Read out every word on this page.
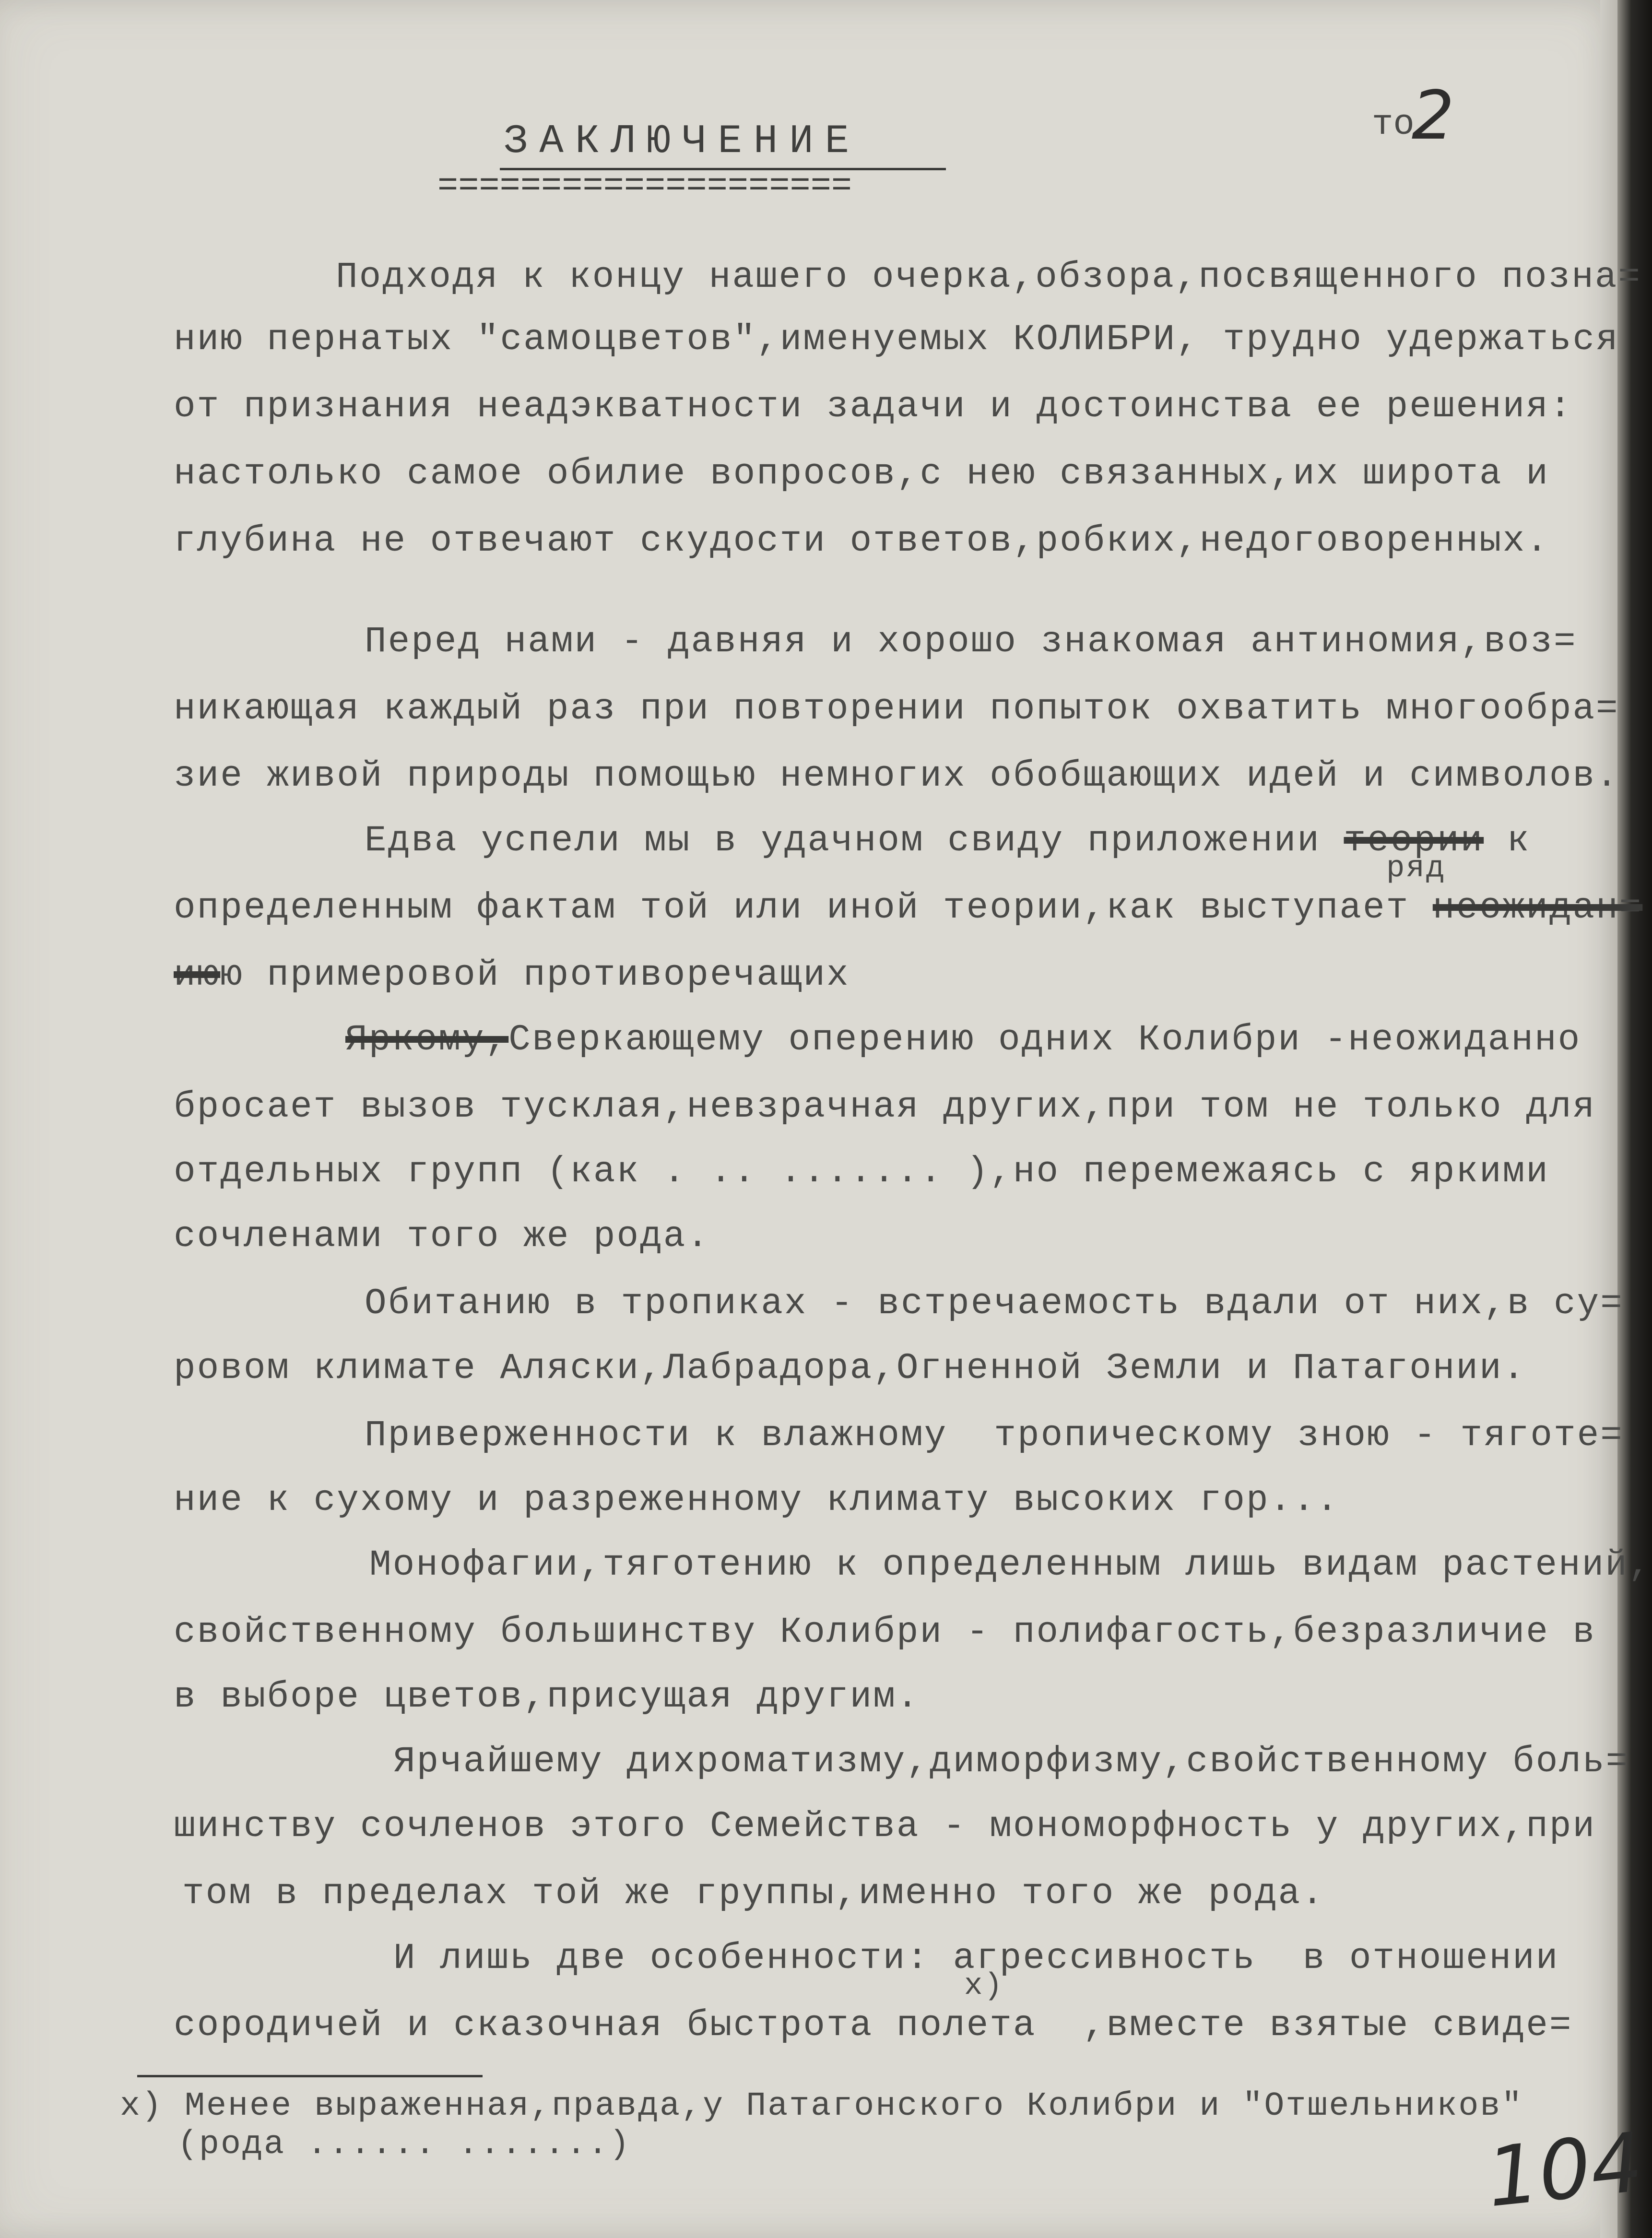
то2
ЗАКЛЮЧЕНИЕ
====================
Подходя к концу нашего очерка,обзора,посвященного позна=
нию пернатых "самоцветов",именуемых КОЛИБРИ, трудно удержаться
от признания неадэкватности задачи и достоинства ее решения:
настолько самое обилие вопросов,с нею связанных,их широта и
глубина не отвечают скудости ответов,робких,недоговоренных.
Перед нами - давняя и хорошо знакомая антиномия,воз=
никающая каждый раз при повторении попыток охватить многообра=
зие живой природы помощью немногих обобщающих идей и символов.
Едва успели мы в удачном свиду приложении теории к
ряд
определенным фактам той или иной теории,как выступает неожидан=
июю примеровой противоречащих
Яркому,Сверкающему оперению одних Колибри -неожиданно
бросает вызов тусклая,невзрачная других,при том не только для
отдельных групп (как . .. ....... ),но перемежаясь с яркими
сочленами того же рода.
Обитанию в тропиках - встречаемость вдали от них,в су=
ровом климате Аляски,Лабрадора,Огненной Земли и Патагонии.
Приверженности к влажному  тропическому зною - тяготе=
ние к сухому и разреженному климату высоких гор...
Монофагии,тяготению к определенным лишь видам растений,
свойственному большинству Колибри - полифагость,безразличие в
в выборе цветов,присущая другим.
Ярчайшему дихроматизму,диморфизму,свойственному боль=
шинству сочленов этого Семейства - мономорфность у других,при
том в пределах той же группы,именно того же рода.
И лишь две особенности: агрессивность  в отношении
x)
сородичей и сказочная быстрота полета  ,вместе взятые свиде=
x) Менее выраженная,правда,у Патагонского Колибри и "Отшельников"
(рода ...... .......)	104
